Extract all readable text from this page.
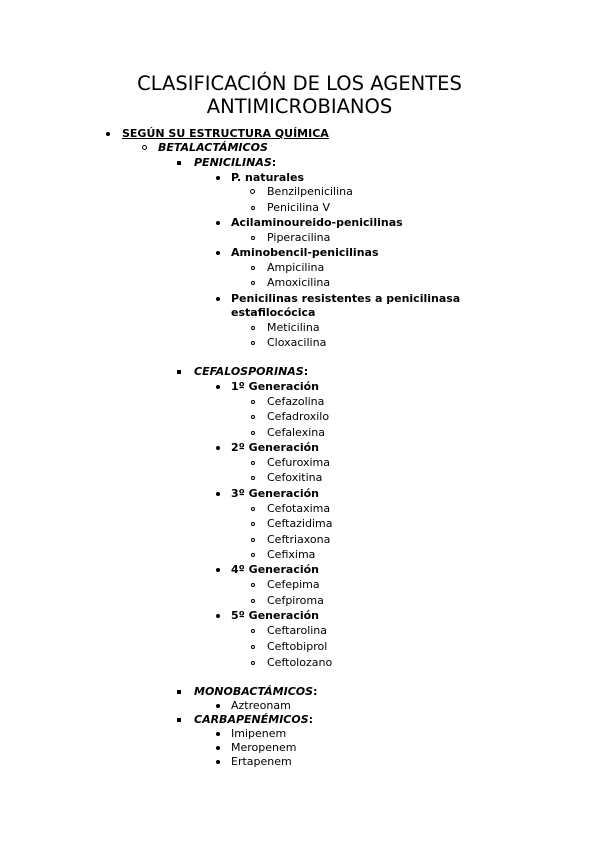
CLASIFICACIÓN DE LOS AGENTES
ANTIMICROBIANOS
SEGÚN SU ESTRUCTURA QUÍMICA
BETALACTÁMICOS
PENICILINAS:
P. naturales
Benzilpenicilina
Penicilina V
Acilaminoureido-penicilinas
Piperacilina
Aminobencil-penicilinas
Ampicilina
Amoxicilina
Penicilinas resistentes a penicilinasa
estafilocócica
Meticilina
Cloxacilina
CEFALOSPORINAS:
1º Generación
Cefazolina
Cefadroxilo
Cefalexina
2º Generación
Cefuroxima
Cefoxitina
3º Generación
Cefotaxima
Ceftazidima
Ceftriaxona
Cefixima
4º Generación
Cefepima
Cefpiroma
5º Generación
Ceftarolina
Ceftobiprol
Ceftolozano
MONOBACTÁMICOS:
Aztreonam
CARBAPENÉMICOS:
Imipenem
Meropenem
Ertapenem
